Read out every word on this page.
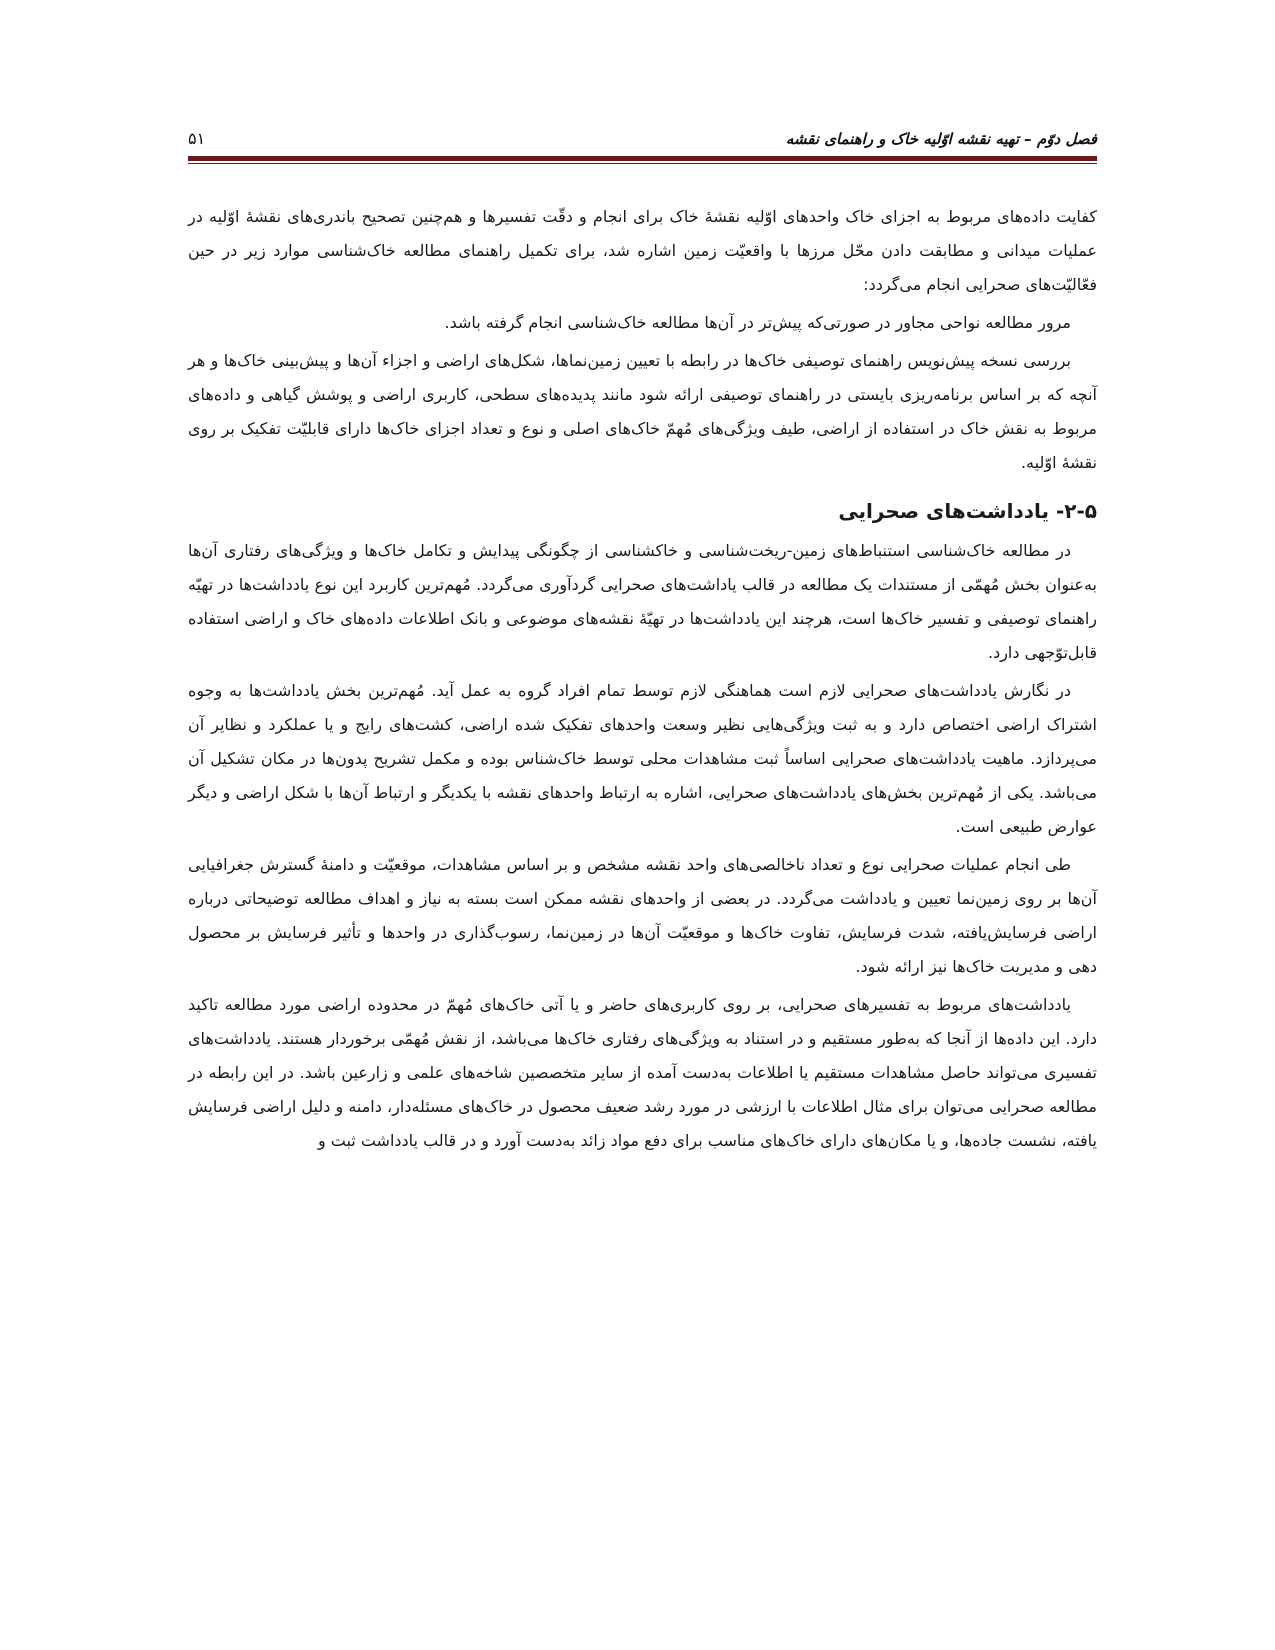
فصل دوّم – تهیه نقشه اوّلیه خاک و راهنمای نقشه
۵۱

کفایت داده‌های مربوط به اجزای خاک واحدهای اوّلیه نقشهٔ خاک برای انجام و دقّت تفسیرها و هم‌چنین تصحیح باندری‌های نقشهٔ اوّلیه در عملیات میدانی و مطابقت دادن محّل مرزها با واقعیّت زمین اشاره شد، برای تکمیل راهنمای مطالعه خاک‌شناسی موارد زیر در حین فعّالیّت‌های صحرایی انجام می‌گردد:

مرور مطالعه نواحی مجاور در صورتی‌که پیش‌تر در آن‌ها مطالعه خاک‌شناسی انجام گرفته باشد.

بررسی نسخه پیش‌نویس راهنمای توصیفی خاک‌ها در رابطه با تعیین زمین‌نماها، شکل‌های اراضی و اجزاء آن‌ها و پیش‌بینی خاک‌ها و هر آنچه که بر اساس برنامه‌ریزی بایستی در راهنمای توصیفی ارائه شود مانند پدیده‌های سطحی، کاربری اراضی و پوشش گیاهی و داده‌های مربوط به نقش خاک در استفاده از اراضی، طیف ویژگی‌های مُهمّ خاک‌های اصلی و نوع و تعداد اجزای خاک‌ها دارای قابلیّت تفکیک بر روی نقشهٔ اوّلیه.

۲-۵- یادداشت‌های صحرایی

در مطالعه خاک‌شناسی استنباط‌های زمین-ریخت‌شناسی و خاکشناسی از چگونگی پیدایش و تکامل خاک‌ها و ویژگی‌های رفتاری آن‌ها به‌عنوان بخش مُهمّی از مستندات یک مطالعه در قالب یاداشت‌های صحرایی گردآوری می‌گردد. مُهم‌ترین کاربرد این نوع یادداشت‌ها در تهیّه راهنمای توصیفی و تفسیر خاک‌ها است، هرچند این یادداشت‌ها در تهیّهٔ نقشه‌های موضوعی و بانک اطلاعات داده‌های خاک و اراضی استفاده قابل‌توّجهی دارد.

در نگارش یادداشت‌های صحرایی لازم است هماهنگی لازم توسط تمام افراد گروه به عمل آید. مُهم‌ترین بخش یادداشت‌ها به وجوه اشتراک اراضی اختصاص دارد و به ثبت ویژگی‌هایی نظیر وسعت واحدهای تفکیک شده اراضی، کشت‌های رایج و یا عملکرد و نظایر آن می‌پردازد. ماهیت یادداشت‌های صحرایی اساساً ثبت مشاهدات محلی توسط خاک‌شناس بوده و مکمل تشریح پدون‌ها در مکان تشکیل آن می‌باشد. یکی از مُهم‌ترین بخش‌های یادداشت‌های صحرایی، اشاره به ارتباط واحدهای نقشه با یکدیگر و ارتباط آن‌ها با شکل اراضی و دیگر عوارض طبیعی است.

طی انجام عملیات صحرایی نوع و تعداد ناخالصی‌های واحد نقشه مشخص و بر اساس مشاهدات، موقعیّت و دامنهٔ گسترش جغرافیایی آن‌ها بر روی زمین‌نما تعیین و یادداشت می‌گردد. در بعضی از واحدهای نقشه ممکن است بسته به نیاز و اهداف مطالعه توضیحاتی درباره اراضی فرسایش‌یافته، شدت فرسایش، تفاوت خاک‌ها و موقعیّت آن‌ها در زمین‌نما، رسوب‌گذاری در واحدها و تأثیر فرسایش بر محصول دهی و مدیریت خاک‌ها نیز ارائه شود.

یادداشت‌های مربوط به تفسیرهای صحرایی، بر روی کاربری‌های حاضر و یا آتی خاک‌های مُهمّ در محدوده اراضی مورد مطالعه تاکید دارد. این داده‌ها از آنجا که به‌طور مستقیم و در استناد به ویژگی‌های رفتاری خاک‌ها می‌باشد، از نقش مُهمّی برخوردار هستند. یادداشت‌های تفسیری می‌تواند حاصل مشاهدات مستقیم یا اطلاعات به‌دست آمده از سایر متخصصین شاخه‌های علمی و زارعین باشد. در این رابطه در مطالعه صحرایی می‌توان برای مثال اطلاعات با ارزشی در مورد رشد ضعیف محصول در خاک‌های مسئله‌دار، دامنه و دلیل اراضی فرسایش یافته، نشست جاده‌ها، و یا مکان‌های دارای خاک‌های مناسب برای دفع مواد زائد به‌دست آورد و در قالب یادداشت ثبت و
